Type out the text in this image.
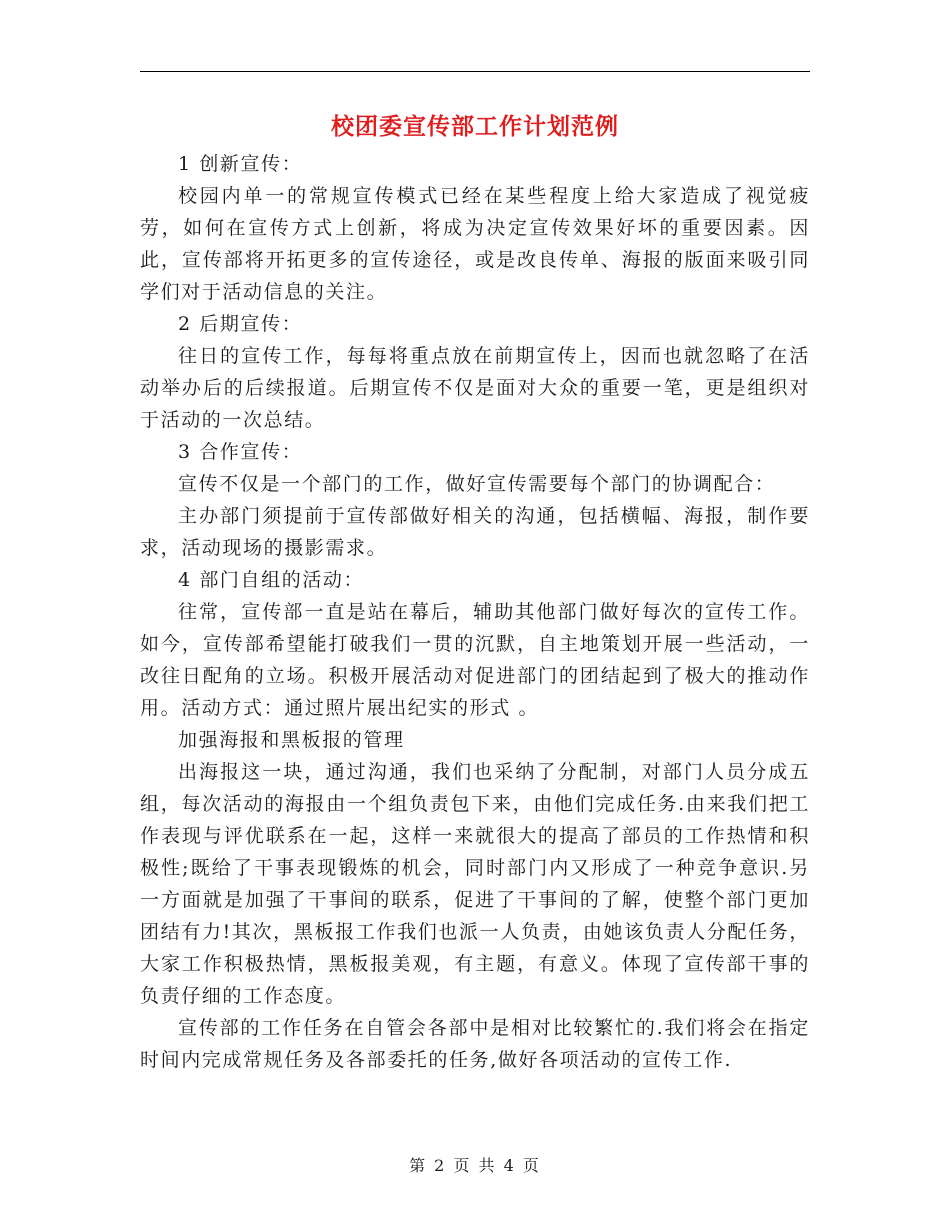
校团委宣传部工作计划范例

1 创新宣传：

校园内单一的常规宣传模式已经在某些程度上给大家造成了视觉疲劳，如何在宣传方式上创新，将成为决定宣传效果好坏的重要因素。因此，宣传部将开拓更多的宣传途径，或是改良传单、海报的版面来吸引同学们对于活动信息的关注。

2 后期宣传：

往日的宣传工作，每每将重点放在前期宣传上，因而也就忽略了在活动举办后的后续报道。后期宣传不仅是面对大众的重要一笔，更是组织对于活动的一次总结。

3 合作宣传：

宣传不仅是一个部门的工作，做好宣传需要每个部门的协调配合：

主办部门须提前于宣传部做好相关的沟通，包括横幅、海报，制作要求，活动现场的摄影需求。

4 部门自组的活动：

往常，宣传部一直是站在幕后，辅助其他部门做好每次的宣传工作。如今，宣传部希望能打破我们一贯的沉默，自主地策划开展一些活动，一改往日配角的立场。积极开展活动对促进部门的团结起到了极大的推动作用。活动方式：通过照片展出纪实的形式 。

加强海报和黑板报的管理

出海报这一块，通过沟通，我们也采纳了分配制，对部门人员分成五组，每次活动的海报由一个组负责包下来，由他们完成任务.由来我们把工作表现与评优联系在一起，这样一来就很大的提高了部员的工作热情和积极性;既给了干事表现锻炼的机会，同时部门内又形成了一种竞争意识.另一方面就是加强了干事间的联系，促进了干事间的了解，使整个部门更加团结有力!其次，黑板报工作我们也派一人负责，由她该负责人分配任务，大家工作积极热情，黑板报美观，有主题，有意义。体现了宣传部干事的负责仔细的工作态度。

宣传部的工作任务在自管会各部中是相对比较繁忙的.我们将会在指定时间内完成常规任务及各部委托的任务,做好各项活动的宣传工作.

第 2 页 共 4 页
